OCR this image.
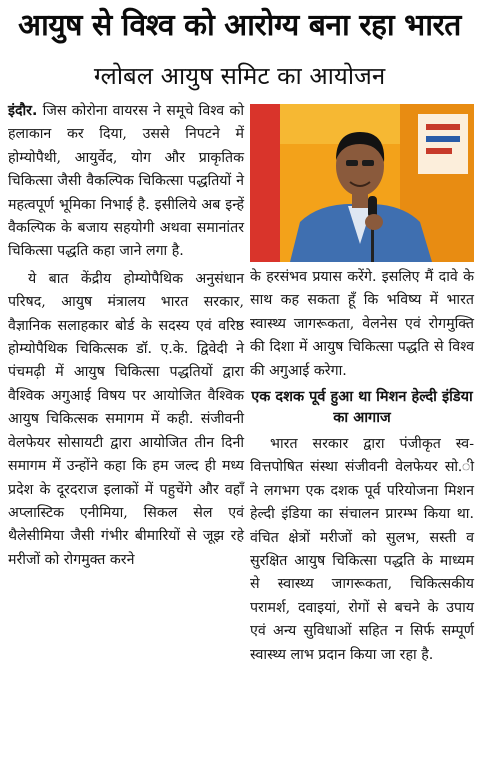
आयुष से विश्व को आरोग्य बना रहा भारत
ग्लोबल आयुष समिट का आयोजन

इंदौर. जिस कोरोना वायरस ने समूचे विश्व को हलाकान कर दिया, उससे निपटने में होम्योपैथी, आयुर्वेद, योग और प्राकृतिक चिकित्सा जैसी वैकल्पिक चिकित्सा पद्धतियों ने महत्वपूर्ण भूमिका निभाई है. इसीलिये अब इन्हें वैकल्पिक के बजाय सहयोगी अथवा समानांतर चिकित्सा पद्धति कहा जाने लगा है.

ये बात केंद्रीय होम्योपैथिक अनुसंधान परिषद, आयुष मंत्रालय भारत सरकार, वैज्ञानिक सलाहकार बोर्ड के सदस्य एवं वरिष्ठ होम्योपैथिक चिकित्सक डॉ. ए.के. द्विवेदी ने पंचमढ़ी में आयुष चिकित्सा पद्धतियों द्वारा वैश्विक अगुआई विषय पर आयोजित वैश्विक आयुष चिकित्सक समागम में कही. संजीवनी वेलफेयर सोसायटी द्वारा आयोजित तीन दिनी समागम में उन्होंने कहा कि हम जल्द ही मध्य प्रदेश के दूरदराज इलाकों में पहुचेंगे और वहाँ अप्लास्टिक एनीमिया, सिकल सेल एवं थैलेसीमिया जैसी गंभीर बीमारियों से जूझ रहे मरीजों को रोगमुक्त करने

के हरसंभव प्रयास करेंगे. इसलिए मैं दावे के साथ कह सकता हूँ कि भविष्य में भारत स्वास्थ्य जागरूकता, वेलनेस एवं रोगमुक्ति की दिशा में आयुष चिकित्सा पद्धति से विश्व की अगुआई करेगा.

एक दशक पूर्व हुआ था मिशन हेल्दी इंडिया का आगाज

भारत सरकार द्वारा पंजीकृत स्व-वित्तपोषित संस्था संजीवनी वेलफेयर सो.ी ने लगभग एक दशक पूर्व परियोजना मिशन हेल्दी इंडिया का संचालन प्रारम्भ किया था. वंचित क्षेत्रों मरीजों को सुलभ, सस्ती व सुरक्षित आयुष चिकित्सा पद्धति के माध्यम से स्वास्थ्य जागरूकता, चिकित्सकीय परामर्श, दवाइयां, रोगों से बचने के उपाय एवं अन्य सुविधाओं सहित न सिर्फ सम्पूर्ण स्वास्थ्य लाभ प्रदान किया जा रहा है.
